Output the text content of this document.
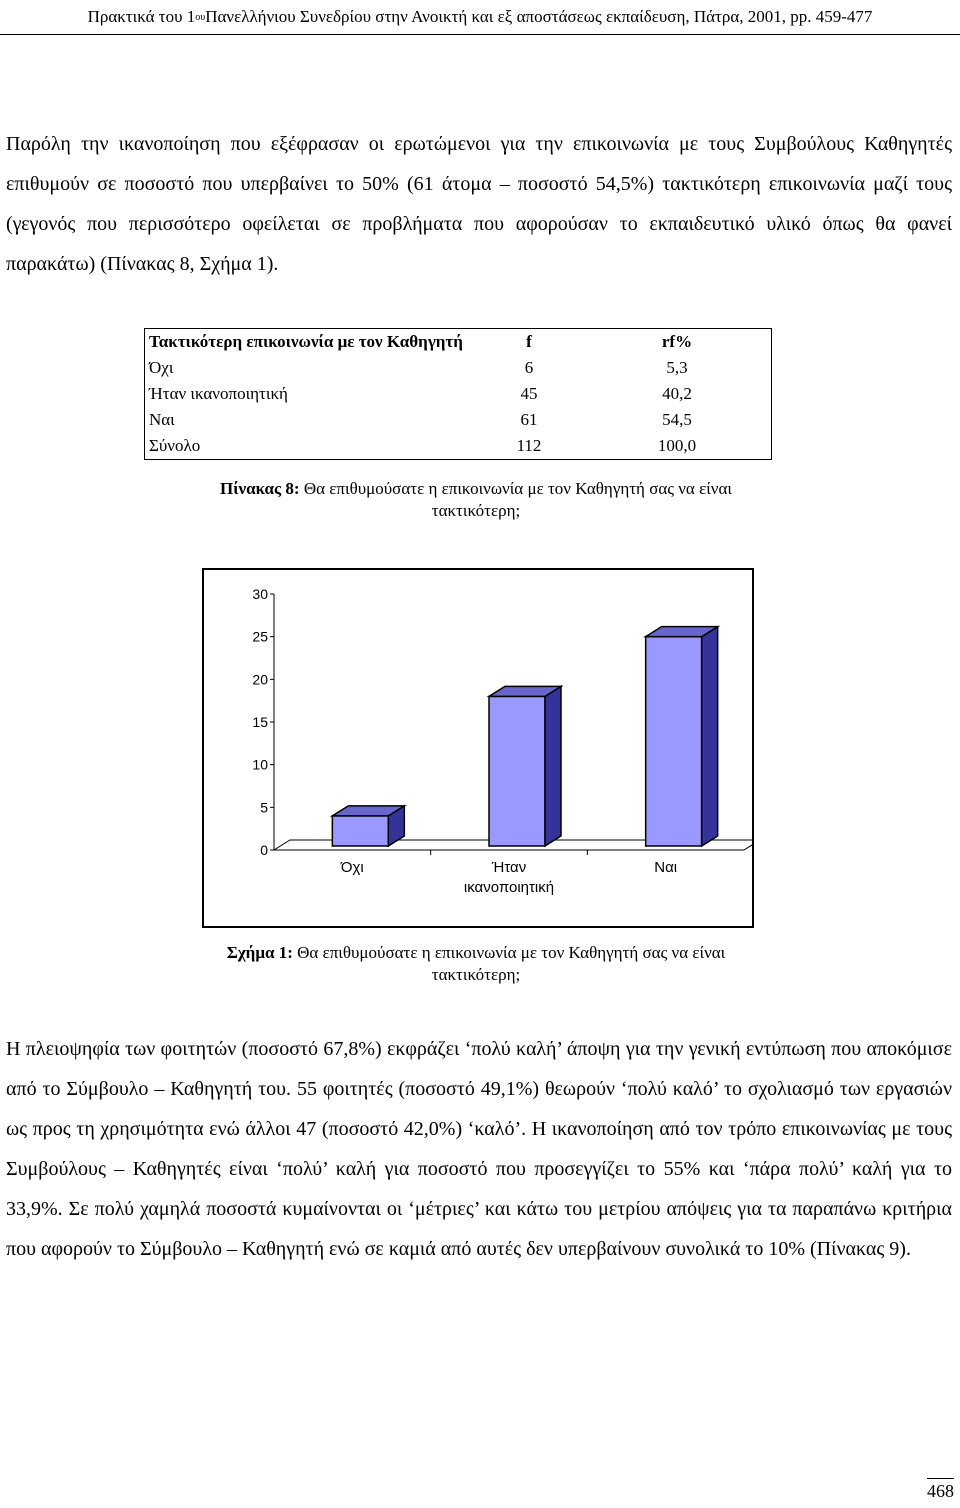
Πρακτικά του 1 ου Πανελλήνιου Συνεδρίου στην Ανοικτή και εξ αποστάσεως εκπαίδευση, Πάτρα, 2001, pp. 459-477

Παρόλη την ικανοποίηση που εξέφρασαν οι ερωτώμενοι για την επικοινωνία με τους Συμβούλους Καθηγητές επιθυμούν σε ποσοστό που υπερβαίνει το 50% (61 άτομα – ποσοστό 54,5%) τακτικότερη επικοινωνία μαζί τους (γεγονός που περισσότερο οφείλεται σε προβλήματα που αφορούσαν το εκπαιδευτικό υλικό όπως θα φανεί παρακάτω) (Πίνακας 8, Σχήμα 1).

Τακτικότερη επικοινωνία με τον Καθηγητή	f	rf%
Όχι	6	5,3
Ήταν ικανοποιητική	45	40,2
Ναι	61	54,5
Σύνολο	112	100,0
Πίνακας 8: Θα επιθυμούσατε η επικοινωνία με τον Καθηγητή σας να είναι τακτικότερη;
0
5
10
15
20
25
30
Όχι	Ήταν ικανοποιητική
Ναι
Σχήμα 1: Θα επιθυμούσατε η επικοινωνία με τον Καθηγητή σας να είναι τακτικότερη;

Η πλειοψηφία των φοιτητών (ποσοστό 67,8%) εκφράζει ‘πολύ καλή’ άποψη για την γενική εντύπωση που αποκόμισε από το Σύμβουλο – Καθηγητή του. 55 φοιτητές (ποσοστό 49,1%) θεωρούν ‘πολύ καλό’ το σχολιασμό των εργασιών ως προς τη χρησιμότητα ενώ άλλοι 47 (ποσοστό 42,0%) ‘καλό’. Η ικανοποίηση από τον τρόπο επικοινωνίας με τους Συμβούλους – Καθηγητές είναι ‘πολύ’ καλή για ποσοστό που προσεγγίζει το 55% και ‘πάρα πολύ’ καλή για το 33,9%. Σε πολύ χαμηλά ποσοστά κυμαίνονται οι ‘μέτριες’ και κάτω του μετρίου απόψεις για τα παραπάνω κριτήρια που αφορούν το Σύμβουλο – Καθηγητή ενώ σε καμιά από αυτές δεν υπερβαίνουν συνολικά το 10% (Πίνακας 9).

468
